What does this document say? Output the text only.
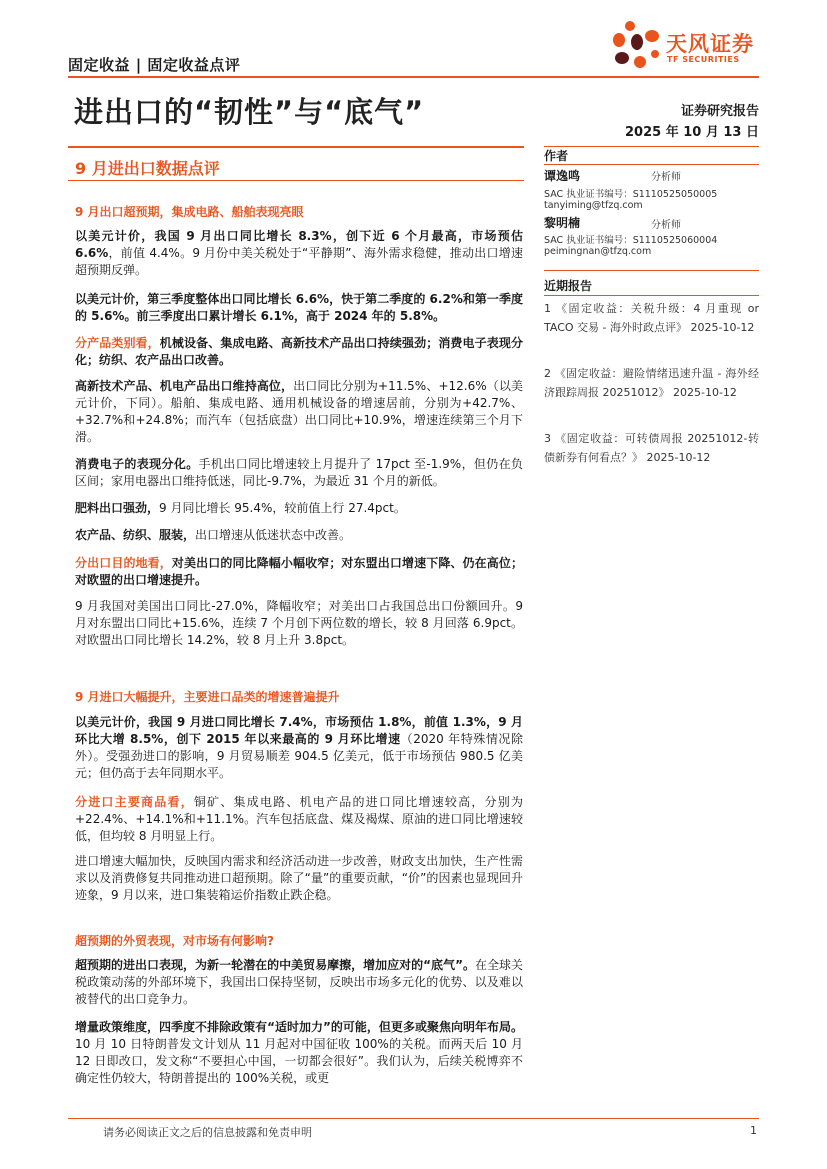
固定收益 | 固定收益点评
天风证券
TF SECURITIES
进出口的“韧性”与“底气”	证券研究报告
2025 年 10 月 13 日
9 月进出口数据点评
9 月出口超预期，集成电路、船舶表现亮眼
以美元计价，我国 9 月出口同比增长 8.3%，创下近 6 个月最高，市场预估 6.6%，前值 4.4%。9 月份中美关税处于“平静期”、海外需求稳健，推动出口增速超预期反弹。
以美元计价，第三季度整体出口同比增长 6.6%，快于第二季度的 6.2%和第一季度的 5.6%。前三季度出口累计增长 6.1%，高于 2024 年的 5.8%。
分产品类别看，机械设备、集成电路、高新技术产品出口持续强劲；消费电子表现分化；纺织、农产品出口改善。
高新技术产品、机电产品出口维持高位，出口同比分别为+11.5%、+12.6%（以美元计价，下同）。船舶、集成电路、通用机械设备的增速居前，分别为+42.7%、+32.7%和+24.8%；而汽车（包括底盘）出口同比+10.9%，增速连续第三个月下滑。
消费电子的表现分化。手机出口同比增速较上月提升了 17pct 至-1.9%，但仍在负区间；家用电器出口维持低迷，同比-9.7%，为最近 31 个月的新低。
肥料出口强劲，9 月同比增长 95.4%，较前值上行 27.4pct。
农产品、纺织、服装，出口增速从低迷状态中改善。
分出口目的地看，对美出口的同比降幅小幅收窄；对东盟出口增速下降、仍在高位；对欧盟的出口增速提升。
9 月我国对美国出口同比-27.0%，降幅收窄；对美出口占我国总出口份额回升。9 月对东盟出口同比+15.6%，连续 7 个月创下两位数的增长，较 8 月回落 6.9pct。对欧盟出口同比增长 14.2%，较 8 月上升 3.8pct。
9 月进口大幅提升，主要进口品类的增速普遍提升
以美元计价，我国 9 月进口同比增长 7.4%，市场预估 1.8%，前值 1.3%，9 月环比大增 8.5%，创下 2015 年以来最高的 9 月环比增速（2020 年特殊情况除外）。受强劲进口的影响，9 月贸易顺差 904.5 亿美元，低于市场预估 980.5 亿美元；但仍高于去年同期水平。
分进口主要商品看，铜矿、集成电路、机电产品的进口同比增速较高，分别为+22.4%、+14.1%和+11.1%。汽车包括底盘、煤及褐煤、原油的进口同比增速较低，但均较 8 月明显上行。
进口增速大幅加快，反映国内需求和经济活动进一步改善，财政支出加快，生产性需求以及消费修复共同推动进口超预期。除了“量”的重要贡献，“价”的因素也显现回升迹象，9 月以来，进口集装箱运价指数止跌企稳。
超预期的外贸表现，对市场有何影响?
超预期的进出口表现，为新一轮潜在的中美贸易摩擦，增加应对的“底气”。在全球关税政策动荡的外部环境下，我国出口保持坚韧，反映出市场多元化的优势、以及难以被替代的出口竞争力。
增量政策维度，四季度不排除政策有“适时加力”的可能，但更多或聚焦向明年布局。10 月 10 日特朗普发文计划从 11 月起对中国征收 100%的关税。而两天后 10 月 12 日即改口，发文称“不要担心中国，一切都会很好”。我们认为，后续关税博弈不确定性仍较大，特朗普提出的 100%关税，或更
作者
谭逸鸣	分析师
SAC 执业证书编号：S1110525050005
tanyiming@tfzq.com
黎明楠	分析师
SAC 执业证书编号：S1110525060004
peimingnan@tfzq.com
近期报告
1 《固定收益：关税升级：4 月重现 or TACO 交易 - 海外时政点评》 2025-10-12
2 《固定收益：避险情绪迅速升温 - 海外经济跟踪周报 20251012》 2025-10-12
3 《固定收益：可转债周报 20251012-转债新券有何看点？》 2025-10-12
请务必阅读正文之后的信息披露和免责申明	1
